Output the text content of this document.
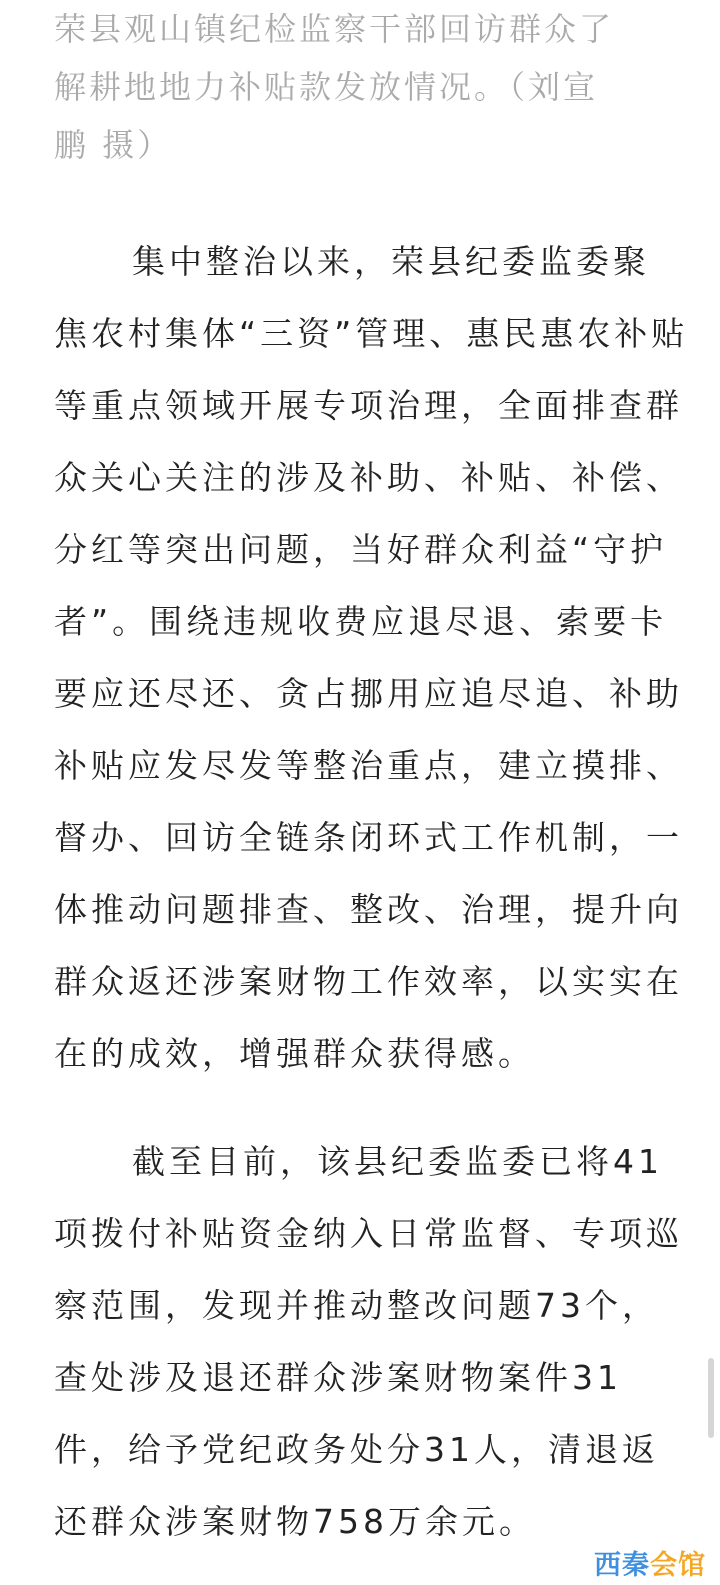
荣县观山镇纪检监察干部回访群众了
解耕地地力补贴款发放情况。（刘宣
鹏 摄）
集中整治以来，荣县纪委监委聚
焦农村集体“三资”管理、惠民惠农补贴
等重点领域开展专项治理，全面排查群
众关心关注的涉及补助、补贴、补偿、
分红等突出问题，当好群众利益“守护
者”。围绕违规收费应退尽退、索要卡
要应还尽还、贪占挪用应追尽追、补助
补贴应发尽发等整治重点，建立摸排、
督办、回访全链条闭环式工作机制，一
体推动问题排查、整改、治理，提升向
群众返还涉案财物工作效率，以实实在
在的成效，增强群众获得感。
截至目前，该县纪委监委已将41
项拨付补贴资金纳入日常监督、专项巡
察范围，发现并推动整改问题73个，
查处涉及退还群众涉案财物案件31
件，给予党纪政务处分31人，清退返
还群众涉案财物758万余元。
西秦 会馆
